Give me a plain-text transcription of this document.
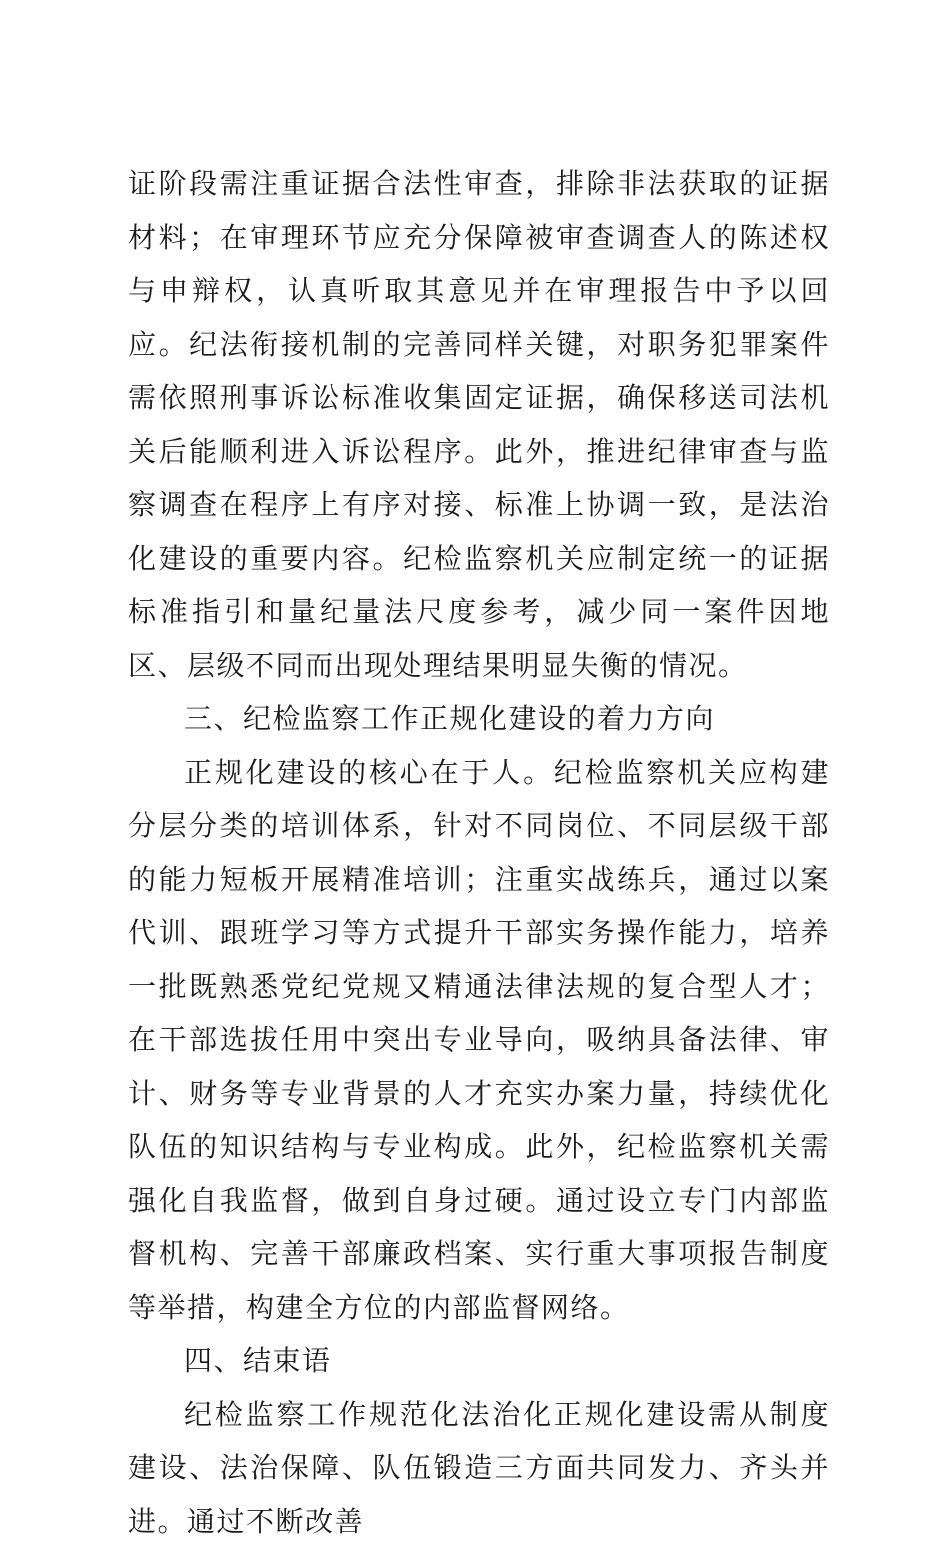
证阶段需注重证据合法性审查，排除非法获取的证据材料；在审理环节应充分保障被审查调查人的陈述权与申辩权，认真听取其意见并在审理报告中予以回应。纪法衔接机制的完善同样关键，对职务犯罪案件需依照刑事诉讼标准收集固定证据，确保移送司法机关后能顺利进入诉讼程序。此外，推进纪律审查与监察调查在程序上有序对接、标准上协调一致，是法治化建设的重要内容。纪检监察机关应制定统一的证据标准指引和量纪量法尺度参考，减少同一案件因地区、层级不同而出现处理结果明显失衡的情况。

三、纪检监察工作正规化建设的着力方向

正规化建设的核心在于人。纪检监察机关应构建分层分类的培训体系，针对不同岗位、不同层级干部的能力短板开展精准培训；注重实战练兵，通过以案代训、跟班学习等方式提升干部实务操作能力，培养一批既熟悉党纪党规又精通法律法规的复合型人才；在干部选拔任用中突出专业导向，吸纳具备法律、审计、财务等专业背景的人才充实办案力量，持续优化队伍的知识结构与专业构成。此外，纪检监察机关需强化自我监督，做到自身过硬。通过设立专门内部监督机构、完善干部廉政档案、实行重大事项报告制度等举措，构建全方位的内部监督网络。

四、结束语

纪检监察工作规范化法治化正规化建设需从制度建设、法治保障、队伍锻造三方面共同发力、齐头并进。通过不断改善
